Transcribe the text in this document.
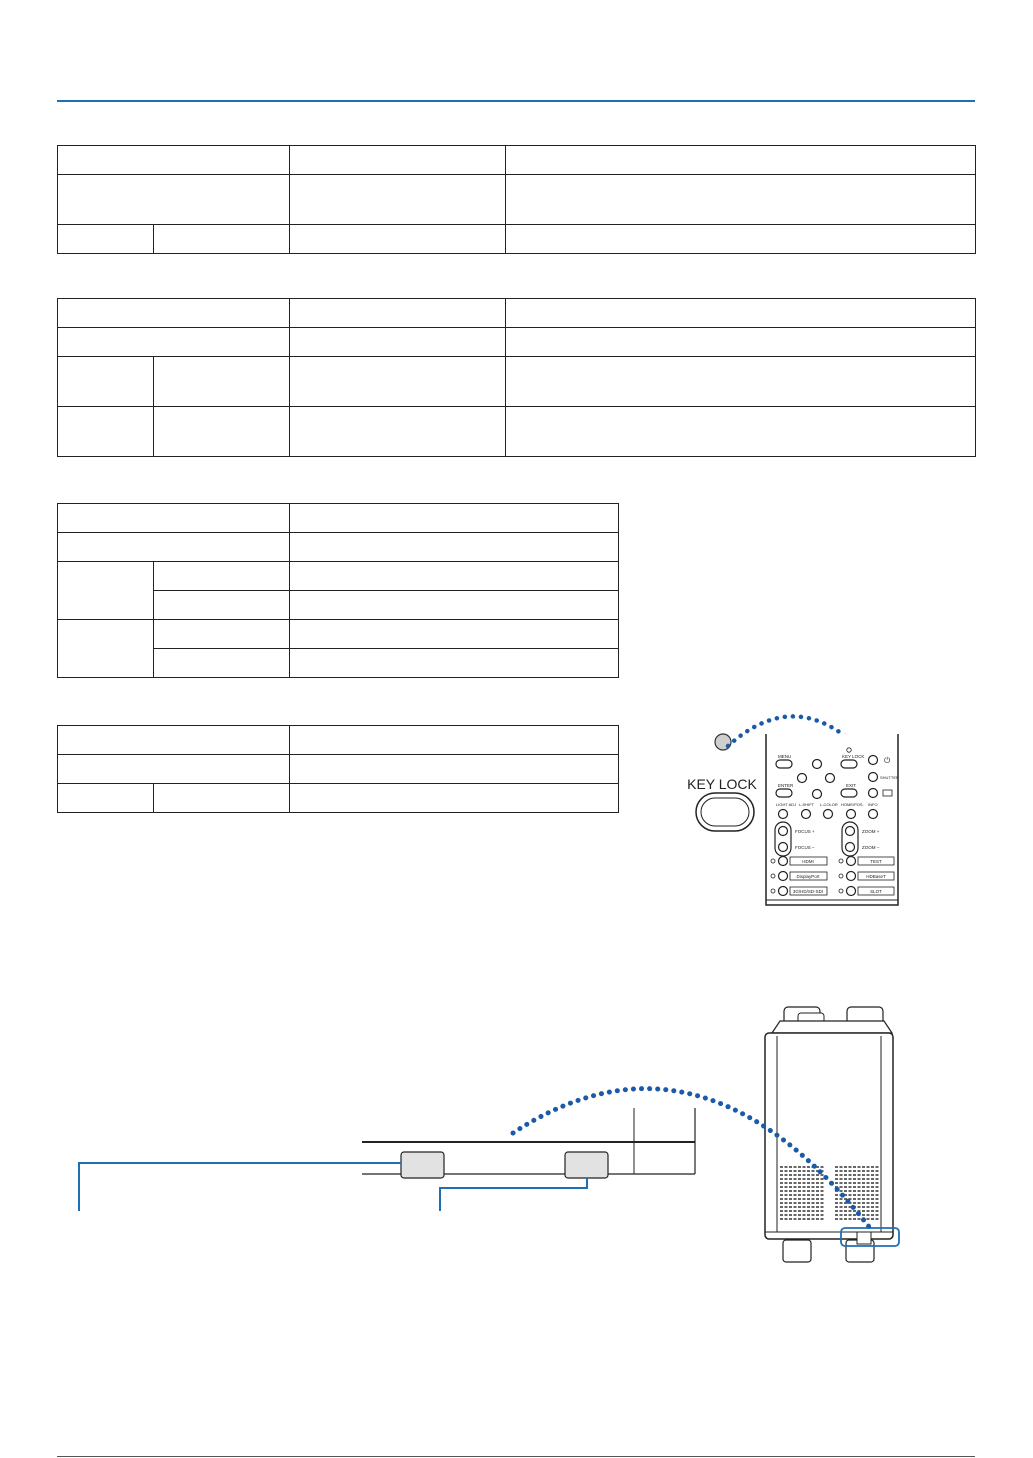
KEY LOCK
MENU	KEY LOCK ⏻
SHUTTER
ENTER	EXIT
LIGHT ADJ L-SHIFT L-COLOR HOME/POS. INFO
FOCUS +
FOCUS –
ZOOM +
ZOOM –
HDMI
DisplayPort
3G/HD/SD-SDI
TEST
HDBaseT
SLOT
